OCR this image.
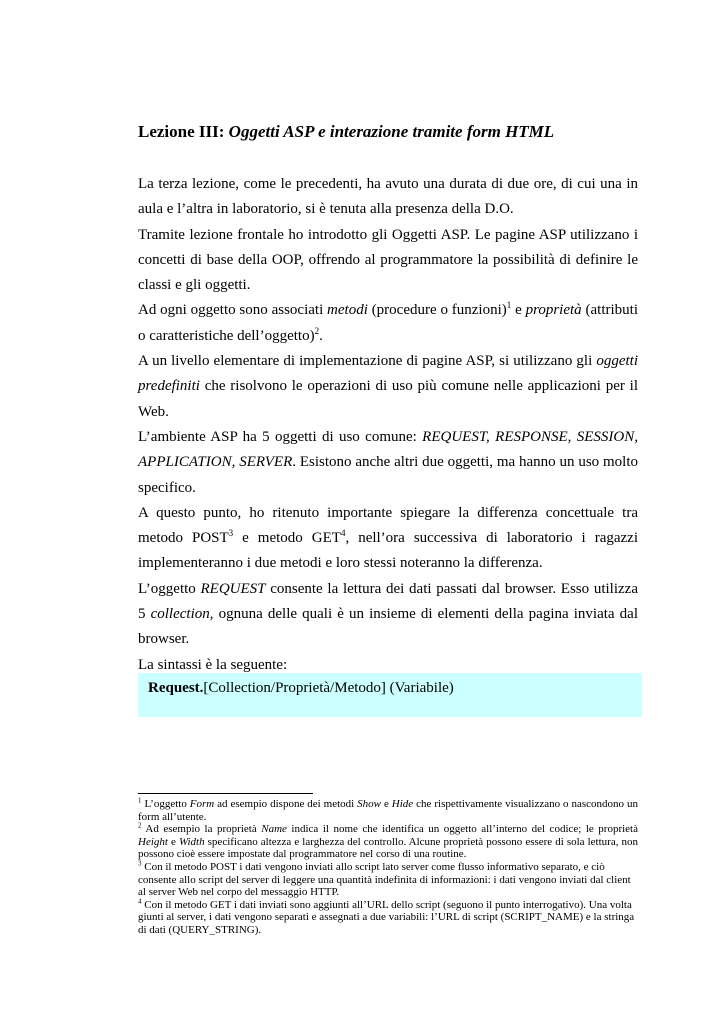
Lezione III: Oggetti ASP e interazione tramite form HTML

La terza lezione, come le precedenti, ha avuto una durata di due ore, di cui una in aula e l’altra in laboratorio, si è tenuta alla presenza della D.O.

Tramite lezione frontale ho introdotto gli Oggetti ASP. Le pagine ASP utilizzano i concetti di base della OOP, offrendo al programmatore la possibilità di definire le classi e gli oggetti.

Ad ogni oggetto sono associati metodi (procedure o funzioni)$^1$ e proprietà (attributi o caratteristiche dell’oggetto)$^2$.

A un livello elementare di implementazione di pagine ASP, si utilizzano gli oggetti predefiniti che risolvono le operazioni di uso più comune nelle applicazioni per il Web.

L’ambiente ASP ha 5 oggetti di uso comune: REQUEST, RESPONSE, SESSION, APPLICATION, SERVER. Esistono anche altri due oggetti, ma hanno un uso molto specifico.

A questo punto, ho ritenuto importante spiegare la differenza concettuale tra metodo POST$^3$ e metodo GET$^4$, nell’ora successiva di laboratorio i ragazzi implementeranno i due metodi e loro stessi noteranno la differenza.

L’oggetto REQUEST consente la lettura dei dati passati dal browser. Esso utilizza 5 collection, ognuna delle quali è un insieme di elementi della pagina inviata dal browser.

La sintassi è la seguente:

Request.[Collection/Proprietà/Metodo] (Variabile)

$^1$ L’oggetto Form ad esempio dispone dei metodi Show e Hide che rispettivamente visualizzano o nascondono un form all’utente.

$^2$ Ad esempio la proprietà Name indica il nome che identifica un oggetto all’interno del codice; le proprietà Height e Width specificano altezza e larghezza del controllo. Alcune proprietà possono essere di sola lettura, non possono cioè essere impostate dal programmatore nel corso di una routine.

$^3$ Con il metodo POST i dati vengono inviati allo script lato server come flusso informativo separato, e ciò consente allo script del server di leggere una quantità indefinita di informazioni: i dati vengono inviati dal client al server Web nel corpo del messaggio HTTP.

$^4$ Con il metodo GET i dati inviati sono aggiunti all’URL dello script (seguono il punto interrogativo). Una volta giunti al server, i dati vengono separati e assegnati a due variabili: l’URL di script (SCRIPT_NAME) e la stringa di dati (QUERY_STRING).
